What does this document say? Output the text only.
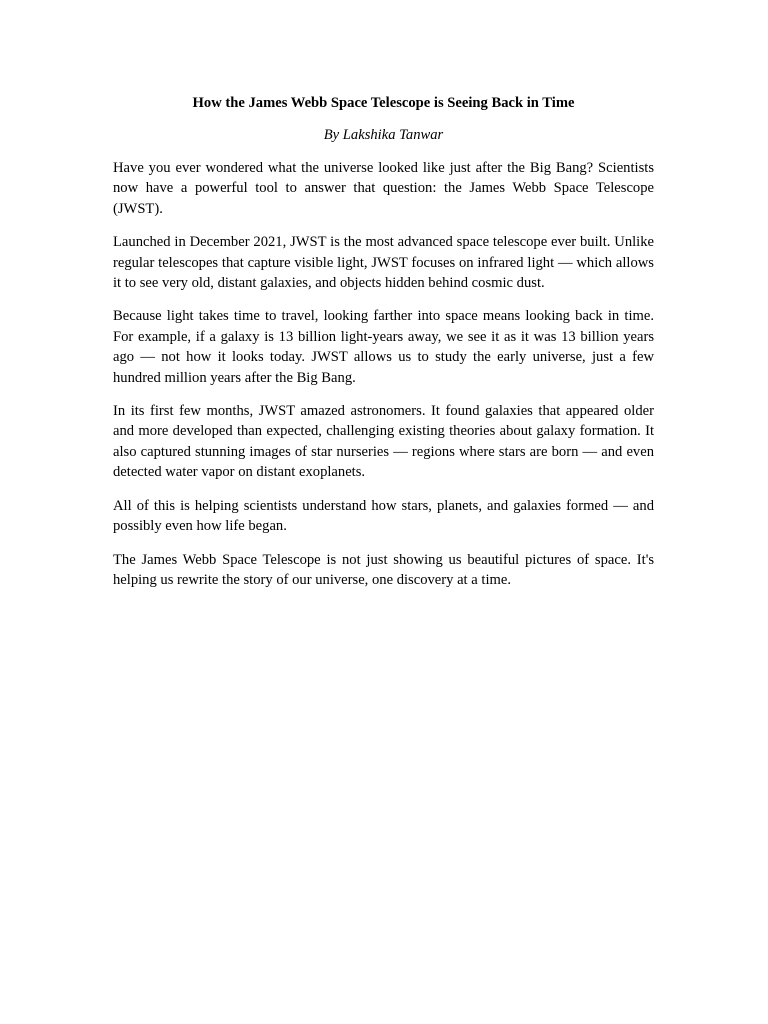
How the James Webb Space Telescope is Seeing Back in Time
By Lakshika Tanwar

Have you ever wondered what the universe looked like just after the Big Bang? Scientists now have a powerful tool to answer that question: the James Webb Space Telescope (JWST).

Launched in December 2021, JWST is the most advanced space telescope ever built. Unlike regular telescopes that capture visible light, JWST focuses on infrared light — which allows it to see very old, distant galaxies, and objects hidden behind cosmic dust.

Because light takes time to travel, looking farther into space means looking back in time. For example, if a galaxy is 13 billion light-years away, we see it as it was 13 billion years ago — not how it looks today. JWST allows us to study the early universe, just a few hundred million years after the Big Bang.

In its first few months, JWST amazed astronomers. It found galaxies that appeared older and more developed than expected, challenging existing theories about galaxy formation. It also captured stunning images of star nurseries — regions where stars are born — and even detected water vapor on distant exoplanets.

All of this is helping scientists understand how stars, planets, and galaxies formed — and possibly even how life began.

The James Webb Space Telescope is not just showing us beautiful pictures of space. It's helping us rewrite the story of our universe, one discovery at a time.
